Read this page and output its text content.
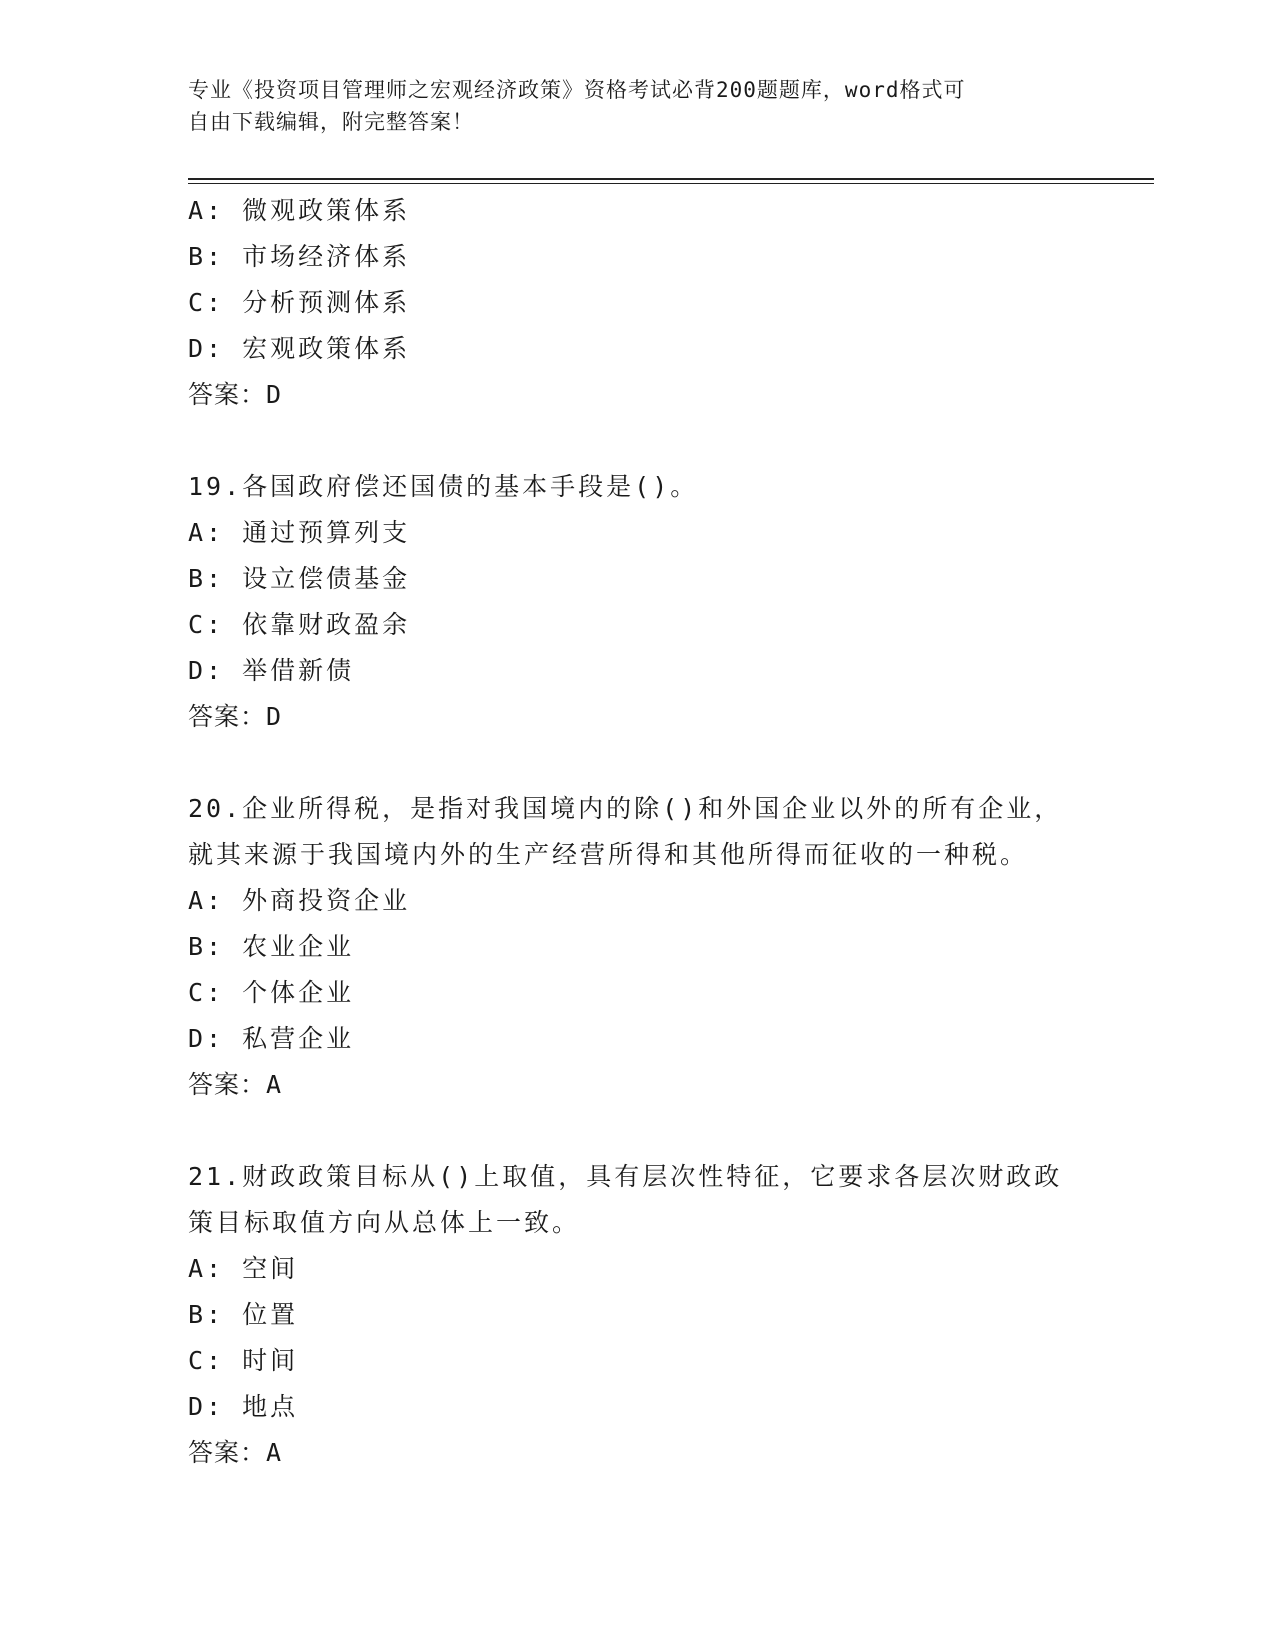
专业《投资项目管理师之宏观经济政策》资格考试必背200题题库，word格式可
自由下载编辑，附完整答案！
A: 微观政策体系
B: 市场经济体系
C: 分析预测体系
D: 宏观政策体系
答案：D
19.各国政府偿还国债的基本手段是()。
A: 通过预算列支
B: 设立偿债基金
C: 依靠财政盈余
D: 举借新债
答案：D
20.企业所得税，是指对我国境内的除()和外国企业以外的所有企业，
就其来源于我国境内外的生产经营所得和其他所得而征收的一种税。
A: 外商投资企业
B: 农业企业
C: 个体企业
D: 私营企业
答案：A
21.财政政策目标从()上取值，具有层次性特征，它要求各层次财政政
策目标取值方向从总体上一致。
A: 空间
B: 位置
C: 时间
D: 地点
答案：A
